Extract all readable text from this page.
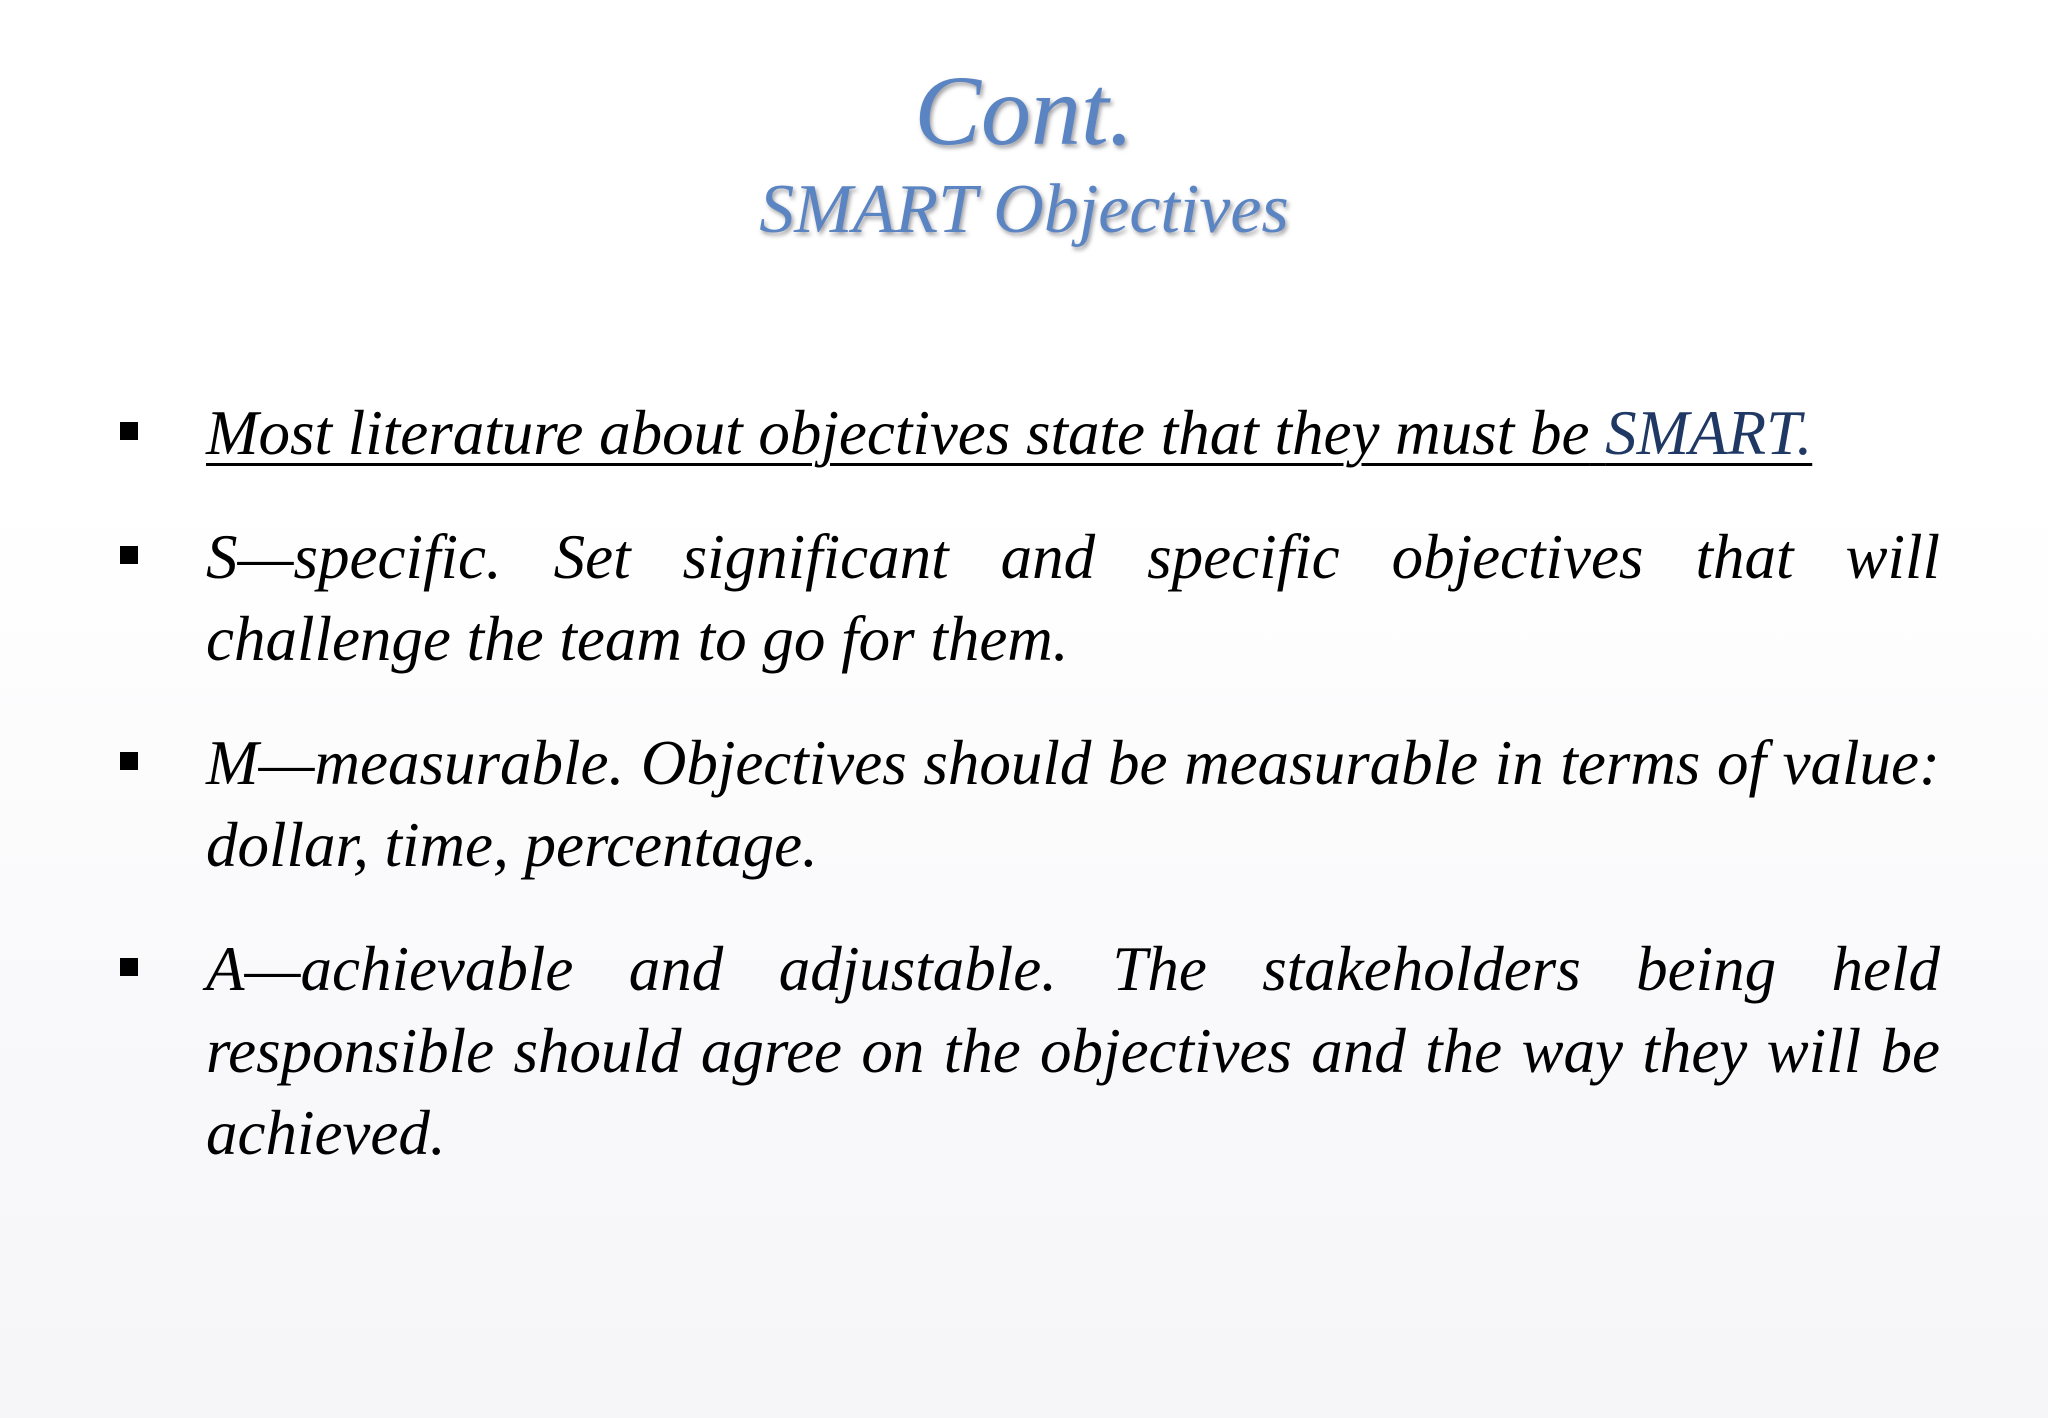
Cont.
SMART Objectives
Most literature about objectives state that they must be SMART.
S—specific. Set significant and specific objectives that will challenge the team to go for them.
M—measurable. Objectives should be measurable in terms of value: dollar, time, percentage.
A—achievable and adjustable. The stakeholders being held responsible should agree on the objectives and the way they will be achieved.
